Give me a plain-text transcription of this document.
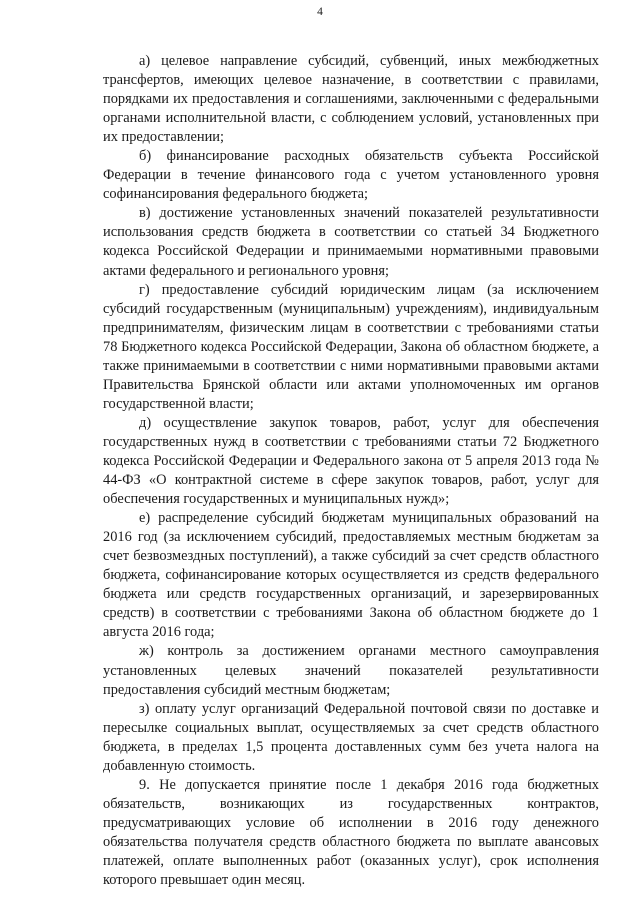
4

а) целевое направление субсидий, субвенций, иных межбюджетных трансфертов, имеющих целевое назначение, в соответствии с правилами, порядками их предоставления и соглашениями, заключенными с федеральными органами исполнительной власти, с соблюдением условий, установленных при их предоставлении;

б) финансирование расходных обязательств субъекта Российской Федерации в течение финансового года с учетом установленного уровня софинансирования федерального бюджета;

в) достижение установленных значений показателей результативности использования средств бюджета в соответствии со статьей 34 Бюджетного кодекса Российской Федерации и принимаемыми нормативными правовыми актами федерального и регионального уровня;

г) предоставление субсидий юридическим лицам (за исключением субсидий государственным (муниципальным) учреждениям), индивидуальным предпринимателям, физическим лицам в соответствии с требованиями статьи 78 Бюджетного кодекса Российской Федерации, Закона об областном бюджете, а также принимаемыми в соответствии с ними нормативными правовыми актами Правительства Брянской области или актами уполномоченных им органов государственной власти;

д) осуществление закупок товаров, работ, услуг для обеспечения государственных нужд в соответствии с требованиями статьи 72 Бюджетного кодекса Российской Федерации и Федерального закона от 5 апреля 2013 года № 44-ФЗ «О контрактной системе в сфере закупок товаров, работ, услуг для обеспечения государственных и муниципальных нужд»;

е) распределение субсидий бюджетам муниципальных образований на 2016 год (за исключением субсидий, предоставляемых местным бюджетам за счет безвозмездных поступлений), а также субсидий за счет средств областного бюджета, софинансирование которых осуществляется из средств федерального бюджета или средств государственных организаций, и зарезервированных средств) в соответствии с требованиями Закона об областном бюджете до 1 августа 2016 года;

ж) контроль за достижением органами местного самоуправления установленных целевых значений показателей результативности предоставления субсидий местным бюджетам;

з) оплату услуг организаций Федеральной почтовой связи по доставке и пересылке социальных выплат, осуществляемых за счет средств областного бюджета, в пределах 1,5 процента доставленных сумм без учета налога на добавленную стоимость.

9. Не допускается принятие после 1 декабря 2016 года бюджетных обязательств, возникающих из государственных контрактов, предусматривающих условие об исполнении в 2016 году денежного обязательства получателя средств областного бюджета по выплате авансовых платежей, оплате выполненных работ (оказанных услуг), срок исполнения которого превышает один месяц.
